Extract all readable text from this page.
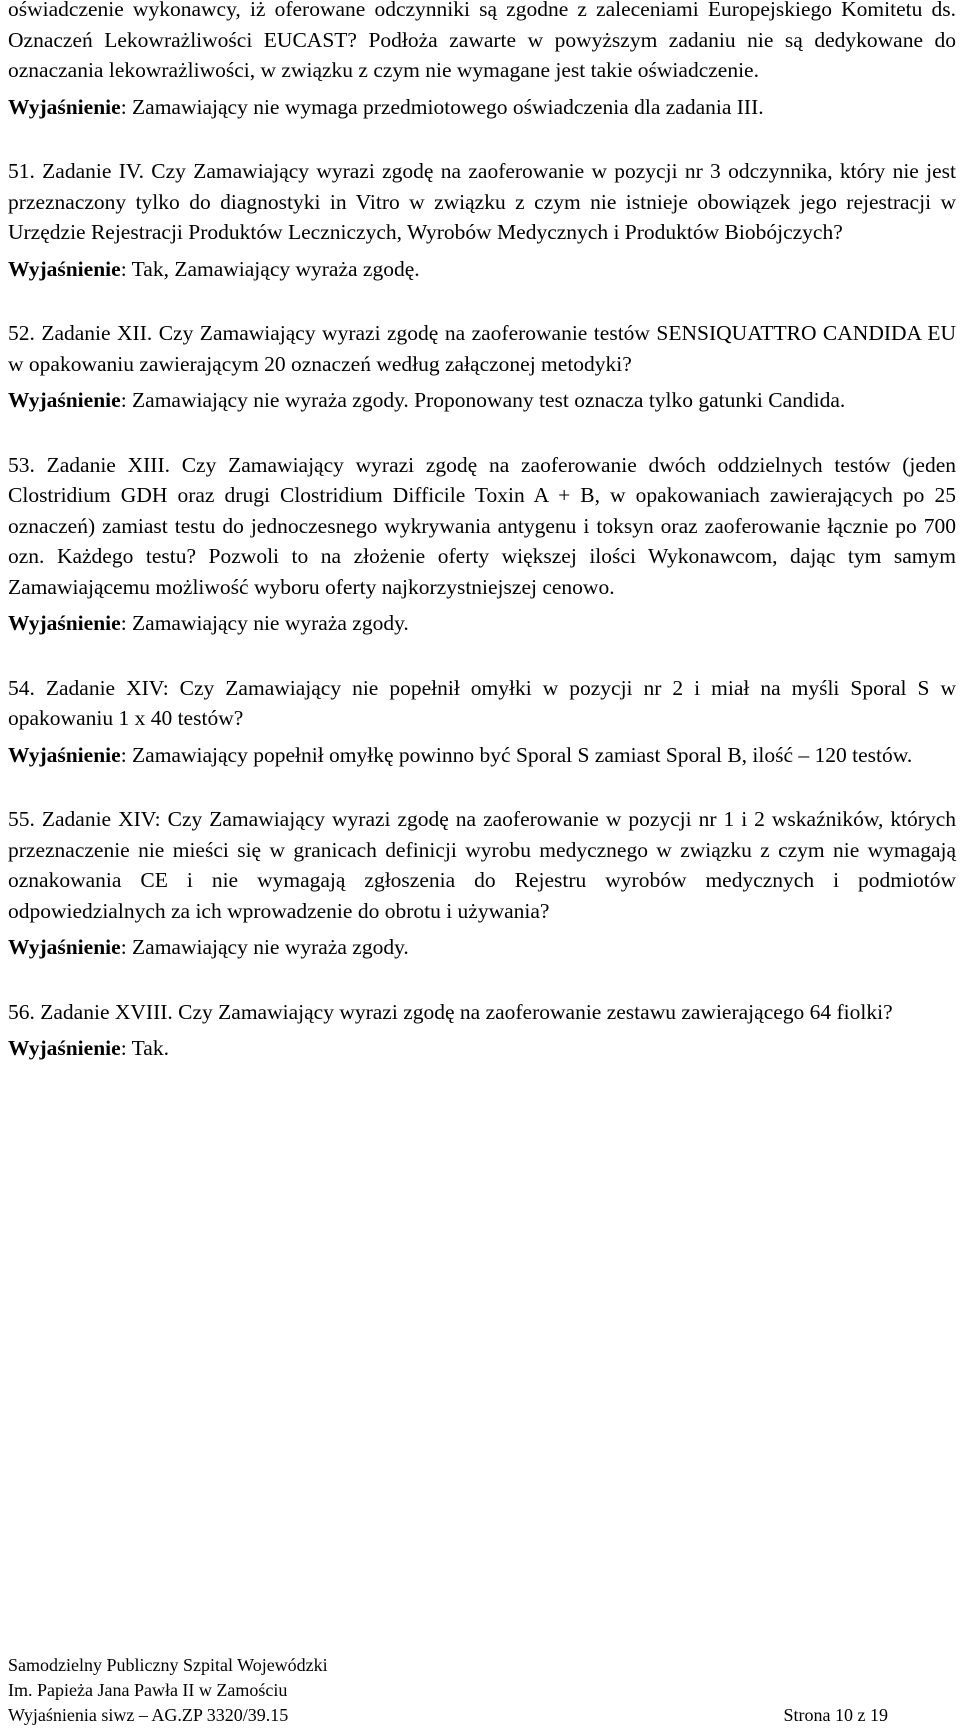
oświadczenie wykonawcy, iż oferowane odczynniki są zgodne z zaleceniami Europejskiego Komitetu ds. Oznaczeń Lekowrażliwości EUCAST? Podłoża zawarte w powyższym zadaniu nie są dedykowane do oznaczania lekowrażliwości, w związku z czym nie wymagane jest takie oświadczenie.

Wyjaśnienie: Zamawiający nie wymaga przedmiotowego oświadczenia dla zadania III.

51. Zadanie IV. Czy Zamawiający wyrazi zgodę na zaoferowanie w pozycji nr 3 odczynnika, który nie jest przeznaczony tylko do diagnostyki in Vitro w związku z czym nie istnieje obowiązek jego rejestracji w Urzędzie Rejestracji Produktów Leczniczych, Wyrobów Medycznych i Produktów Biobójczych?

Wyjaśnienie: Tak, Zamawiający wyraża zgodę.

52. Zadanie XII. Czy Zamawiający wyrazi zgodę na zaoferowanie testów SENSIQUATTRO CANDIDA EU w opakowaniu zawierającym 20 oznaczeń według załączonej metodyki?

Wyjaśnienie: Zamawiający nie wyraża zgody. Proponowany test oznacza tylko gatunki Candida.

53. Zadanie XIII. Czy Zamawiający wyrazi zgodę na zaoferowanie dwóch oddzielnych testów (jeden Clostridium GDH oraz drugi Clostridium Difficile Toxin A + B, w opakowaniach zawierających po 25 oznaczeń) zamiast testu do jednoczesnego wykrywania antygenu i toksyn oraz zaoferowanie łącznie po 700 ozn. Każdego testu? Pozwoli to na złożenie oferty większej ilości Wykonawcom, dając tym samym Zamawiającemu możliwość wyboru oferty najkorzystniejszej cenowo.

Wyjaśnienie: Zamawiający nie wyraża zgody.

54. Zadanie XIV: Czy Zamawiający nie popełnił omyłki w pozycji nr 2 i miał na myśli Sporal S w opakowaniu 1 x 40 testów?

Wyjaśnienie: Zamawiający popełnił omyłkę powinno być Sporal S zamiast Sporal B, ilość – 120 testów.

55. Zadanie XIV: Czy Zamawiający wyrazi zgodę na zaoferowanie w pozycji nr 1 i 2 wskaźników, których przeznaczenie nie mieści się w granicach definicji wyrobu medycznego w związku z czym nie wymagają oznakowania CE i nie wymagają zgłoszenia do Rejestru wyrobów medycznych i podmiotów odpowiedzialnych za ich wprowadzenie do obrotu i używania?

Wyjaśnienie: Zamawiający nie wyraża zgody.

56. Zadanie XVIII. Czy Zamawiający wyrazi zgodę na zaoferowanie zestawu zawierającego 64 fiolki?

Wyjaśnienie: Tak.

Samodzielny Publiczny Szpital Wojewódzki
Im. Papieża Jana Pawła II w Zamościu
Wyjaśnienia siwz – AG.ZP 3320/39.15	Strona 10 z 19
